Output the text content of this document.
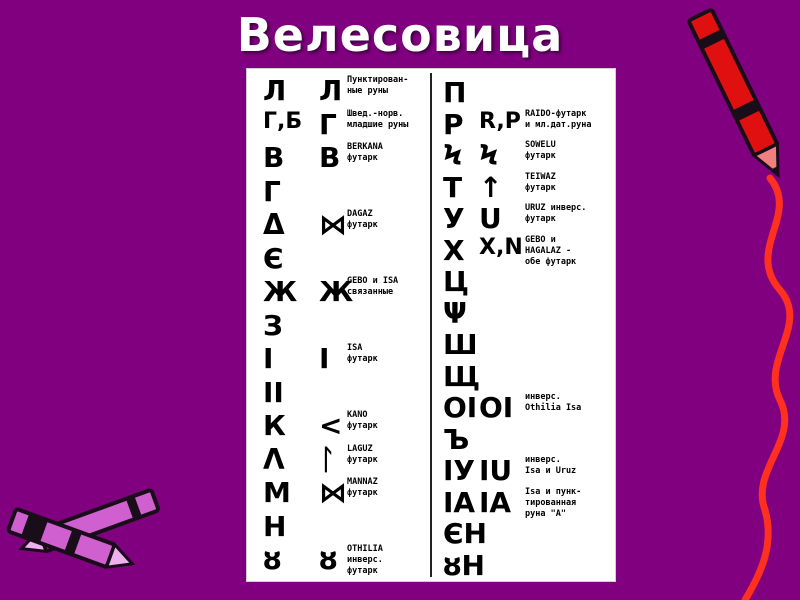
Велесовица
Л Л Пунктирован-
ные руны
Г,Б Г Швед.-норв.
младшие руны
В В BERKANA
футарк
Г
Δ ⋈ DAGAZ
футарк
Є
Ж Ж
GEBO и ISA
связанные
З
I I ISA
футарк
II
К < KANO
футарк
Λ ᛚ LAGUZ
футарк
М ⋈ MANNAZ
футарк
Н
ȣ ȣ OTHILIA
инверс.
футарк
П
Р R,P RAIDO-футарк
и мл.дат.руна
Ϟ Ϟ	SOWELU
футарк
Т ↑	TEIWAZ
футарк
У U	URUZ инверс.
футарк
Х X,N GEBO и
HAGALAZ -
обе футарк
Ц
Ψ
Ш
Щ
ОI ОI инверс.
Othilia Isa
Ъ
IУ IU инверс.
Isa и Uruz
ІА ІА Isa и пунк-
тированная
руна "A"
ЄН
ȣН
